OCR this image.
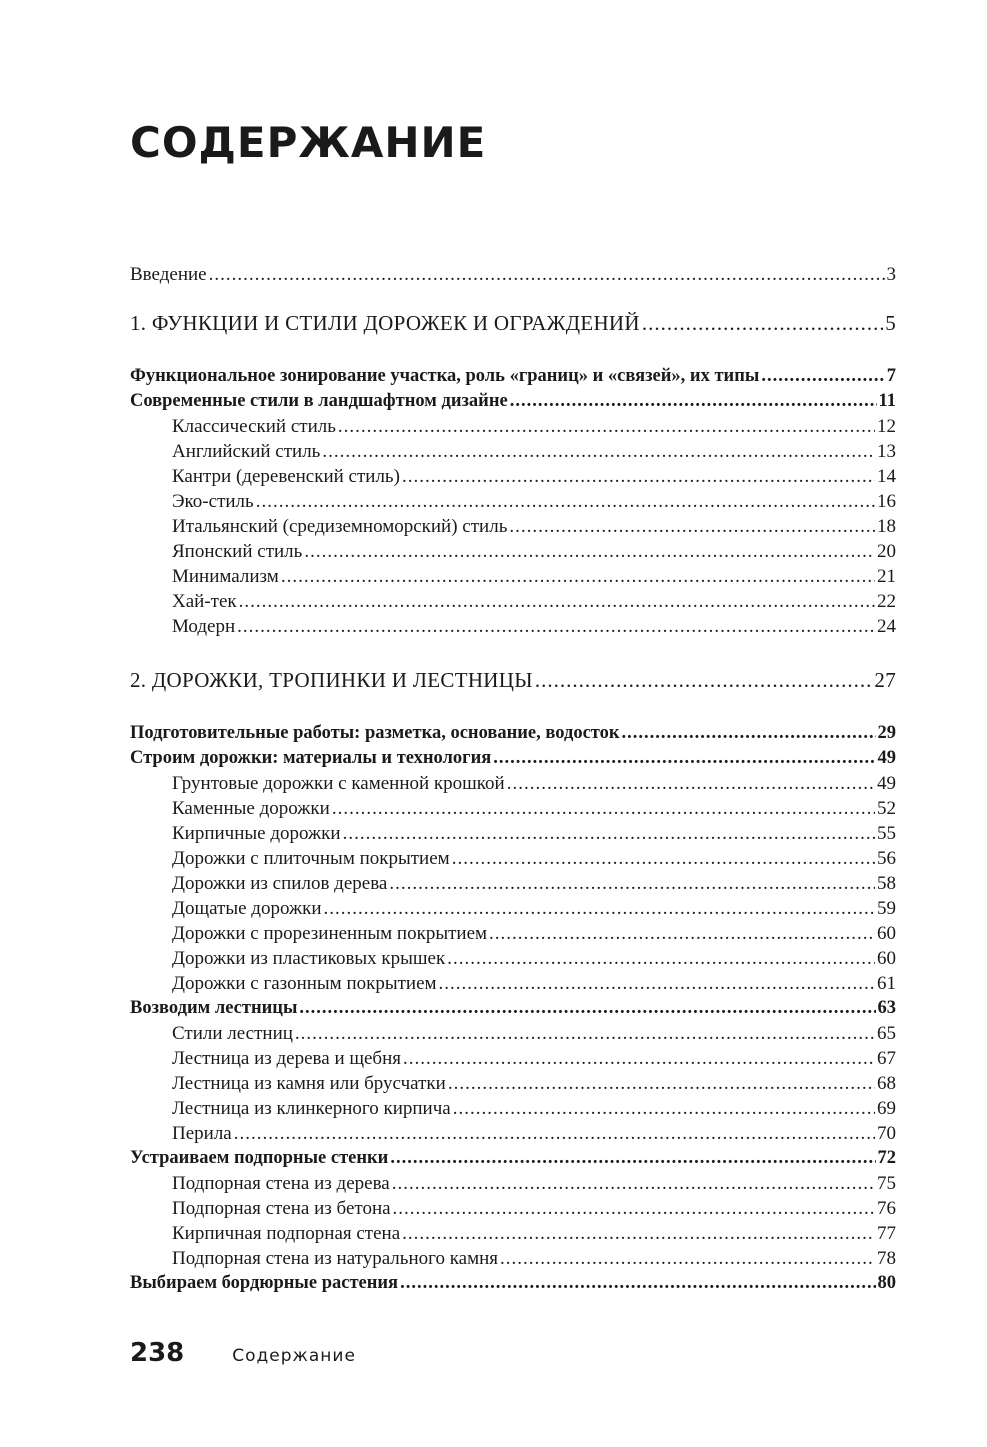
СОДЕРЖАНИЕ
Введение .....	3
1. ФУНКЦИИ И СТИЛИ ДОРОЖЕК И ОГРАЖДЕНИЙ .....	5
Функциональное зонирование участка, роль «границ» и «связей», их типы .....	7
Современные стили в ландшафтном дизайне .....	11
Классический стиль .....	12
Английский стиль .....	13
Кантри (деревенский стиль) .....	14
Эко-стиль .....	16
Итальянский (средиземноморский) стиль .....	18
Японский стиль .....	20
Минимализм .....	21
Хай-тек .....	22
Модерн .....	24
2. ДОРОЖКИ, ТРОПИНКИ И ЛЕСТНИЦЫ .....	27
Подготовительные работы: разметка, основание, водосток .....	29
Строим дорожки: материалы и технология .....	49
Грунтовые дорожки с каменной крошкой .....	49
Каменные дорожки .....	52
Кирпичные дорожки .....	55
Дорожки с плиточным покрытием .....	56
Дорожки из спилов дерева .....	58
Дощатые дорожки .....	59
Дорожки с прорезиненным покрытием .....	60
Дорожки из пластиковых крышек .....	60
Дорожки с газонным покрытием .....	61
Возводим лестницы .....	63
Стили лестниц .....	65
Лестница из дерева и щебня .....	67
Лестница из камня или брусчатки .....	68
Лестница из клинкерного кирпича .....	69
Перила .....	70
Устраиваем подпорные стенки .....	72
Подпорная стена из дерева .....	75
Подпорная стена из бетона .....	76
Кирпичная подпорная стена .....	77
Подпорная стена из натурального камня .....	78
Выбираем бордюрные растения .....	80
238	Содержание
